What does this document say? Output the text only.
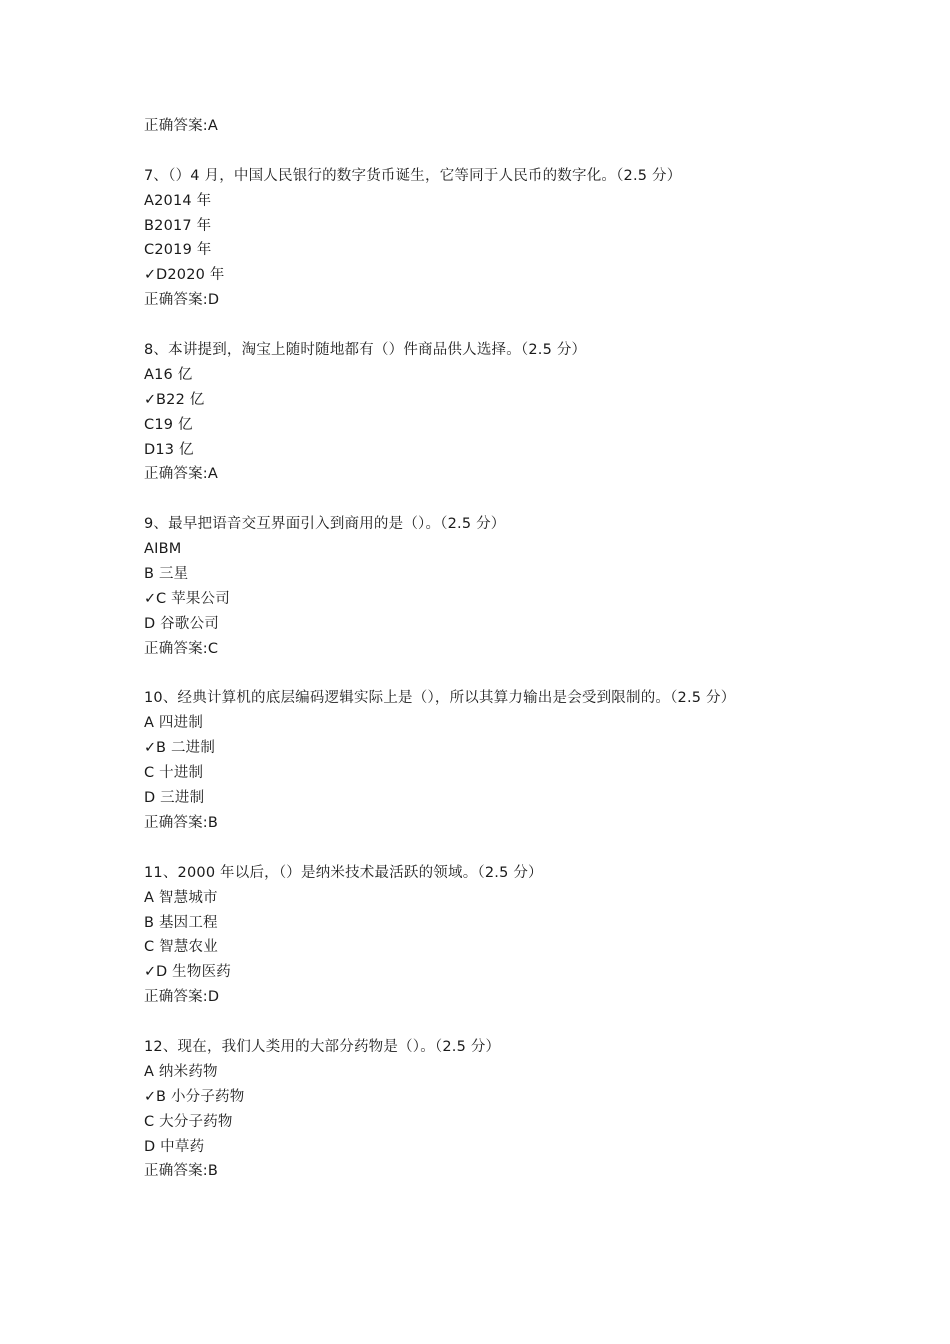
正确答案:A
7、（）4 月，中国人民银行的数字货币诞生，它等同于人民币的数字化。（2.5 分）
A2014 年
B2017 年
C2019 年
✓D2020 年
正确答案:D
8、本讲提到，淘宝上随时随地都有（）件商品供人选择。（2.5 分）
A16 亿
✓B22 亿
C19 亿
D13 亿
正确答案:A
9、最早把语音交互界面引入到商用的是（）。（2.5 分）
AIBM
B 三星
✓C 苹果公司
D 谷歌公司
正确答案:C
10、经典计算机的底层编码逻辑实际上是（），所以其算力输出是会受到限制的。（2.5 分）
A 四进制
✓B 二进制
C 十进制
D 三进制
正确答案:B
11、2000 年以后，（）是纳米技术最活跃的领域。（2.5 分）
A 智慧城市
B 基因工程
C 智慧农业
✓D 生物医药
正确答案:D
12、现在，我们人类用的大部分药物是（）。（2.5 分）
A 纳米药物
✓B 小分子药物
C 大分子药物
D 中草药
正确答案:B
